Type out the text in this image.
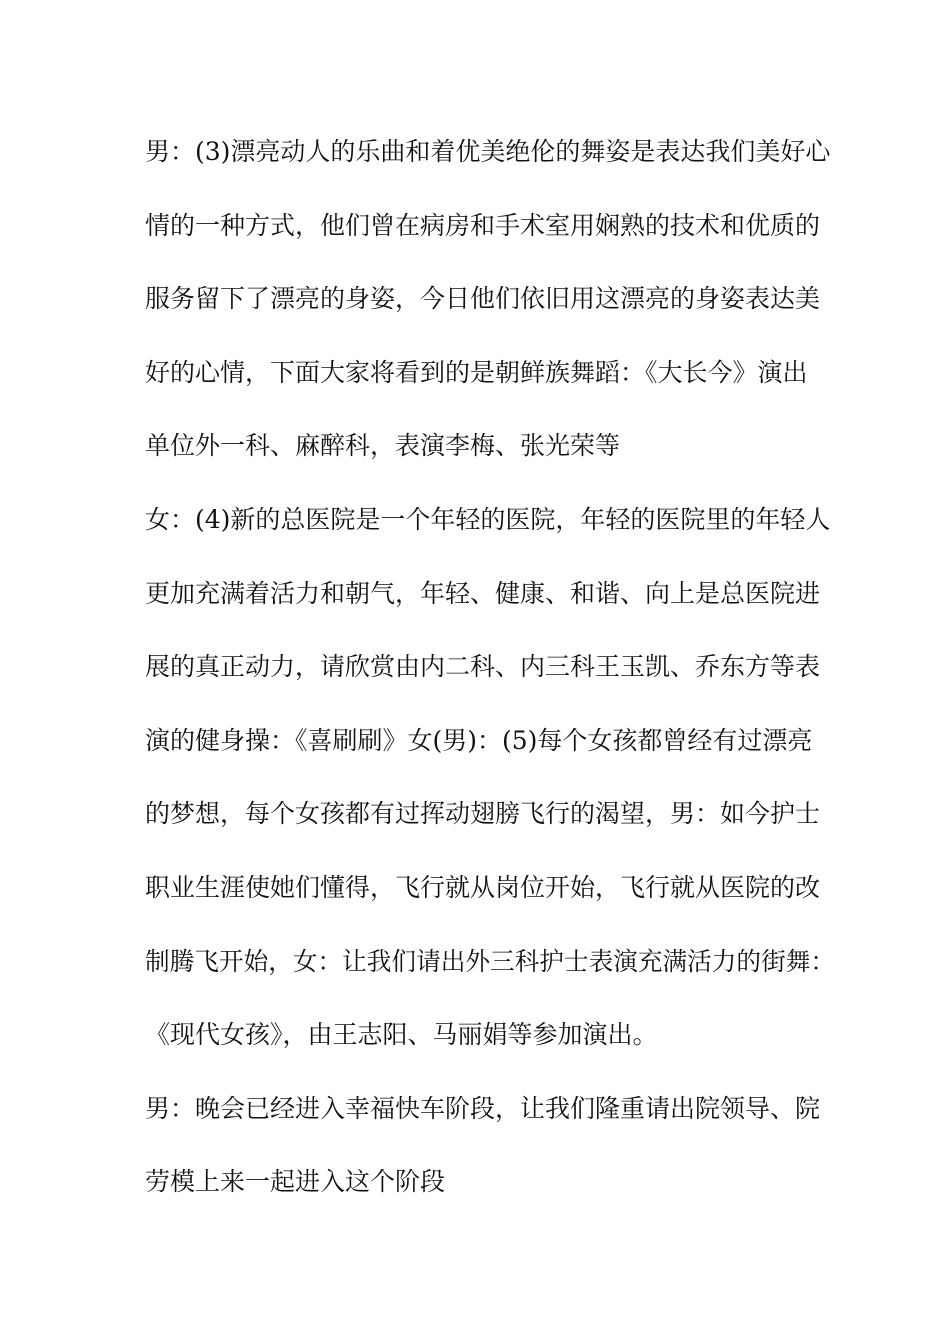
男：(3)漂亮动人的乐曲和着优美绝伦的舞姿是表达我们美好心
情的一种方式，他们曾在病房和手术室用娴熟的技术和优质的
服务留下了漂亮的身姿，今日他们依旧用这漂亮的身姿表达美
好的心情，下面大家将看到的是朝鲜族舞蹈：《大长今》演出
单位外一科、麻醉科，表演李梅、张光荣等
女：(4)新的总医院是一个年轻的医院，年轻的医院里的年轻人
更加充满着活力和朝气，年轻、健康、和谐、向上是总医院进
展的真正动力，请欣赏由内二科、内三科王玉凯、乔东方等表
演的健身操：《喜刷刷》女(男)：(5)每个女孩都曾经有过漂亮
的梦想，每个女孩都有过挥动翅膀飞行的渴望，男：如今护士
职业生涯使她们懂得，飞行就从岗位开始，飞行就从医院的改
制腾飞开始，女：让我们请出外三科护士表演充满活力的街舞：
《现代女孩》，由王志阳、马丽娟等参加演出。
男：晚会已经进入幸福快车阶段，让我们隆重请出院领导、院
劳模上来一起进入这个阶段
